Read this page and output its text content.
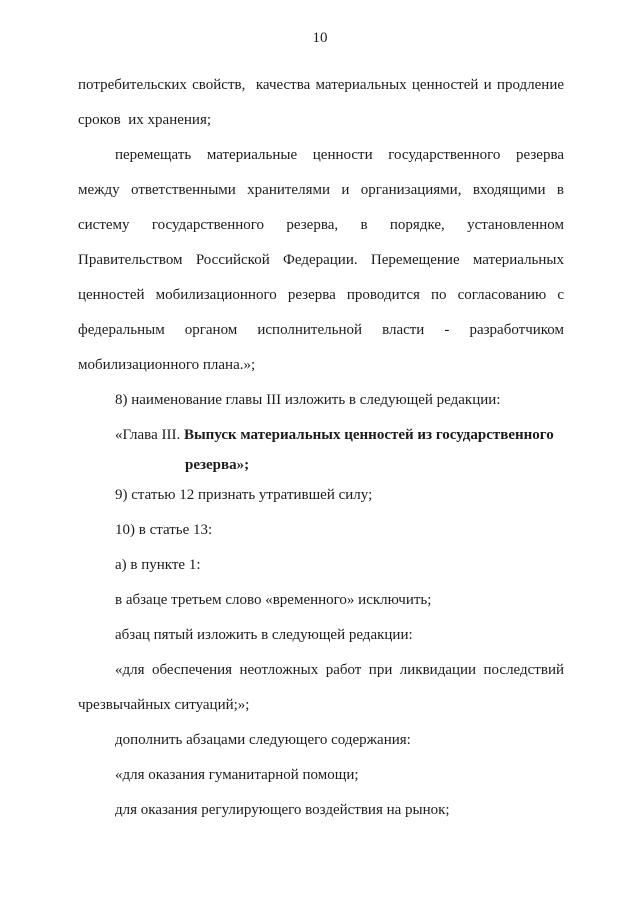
10
потребительских свойств,  качества материальных ценностей и продление
сроков  их хранения;
перемещать материальные ценности государственного резерва
между ответственными хранителями и организациями, входящими в
систему государственного резерва, в порядке, установленном
Правительством Российской Федерации. Перемещение материальных
ценностей мобилизационного резерва проводится по согласованию с
федеральным органом исполнительной власти - разработчиком
мобилизационного плана.»;
8) наименование главы III изложить в следующей редакции:
«Глава III. Выпуск материальных ценностей из государственного
резерва»;
9) статью 12 признать утратившей силу;
10) в статье 13:
а) в пункте 1:
в абзаце третьем слово «временного» исключить;
абзац пятый изложить в следующей редакции:
«для обеспечения неотложных работ при ликвидации последствий
чрезвычайных ситуаций;»;
дополнить абзацами следующего содержания:
«для оказания гуманитарной помощи;
для оказания регулирующего воздействия на рынок;
